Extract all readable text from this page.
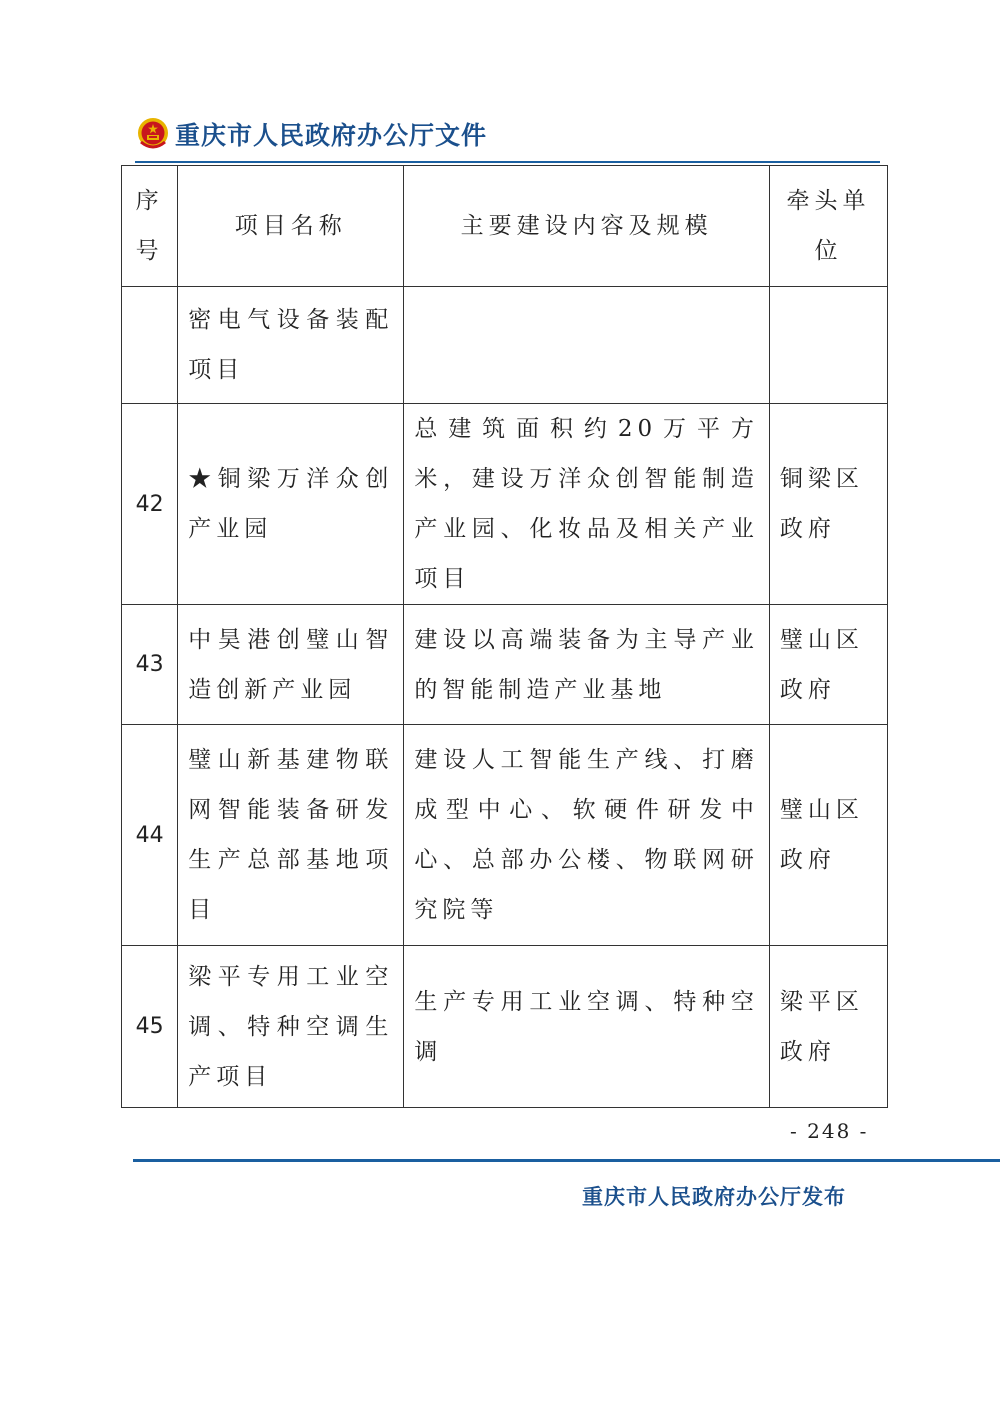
重庆市人民政府办公厅文件
序号	项目名称	主要建设内容及规模	牵头单位
	密电气设备装配项目		
42	★铜梁万洋众创产业园	总建筑面积约20万平方米，建设万洋众创智能制造产业园、化妆品及相关产业项目	铜梁区政府
43	中昊港创璧山智造创新产业园	建设以高端装备为主导产业的智能制造产业基地	璧山区政府
44	璧山新基建物联网智能装备研发生产总部基地项目	建设人工智能生产线、打磨成型中心、软硬件研发中心、总部办公楼、物联网研究院等	璧山区政府
45	梁平专用工业空调、特种空调生产项目	生产专用工业空调、特种空调	梁平区政府
- 248 -
重庆市人民政府办公厅发布
